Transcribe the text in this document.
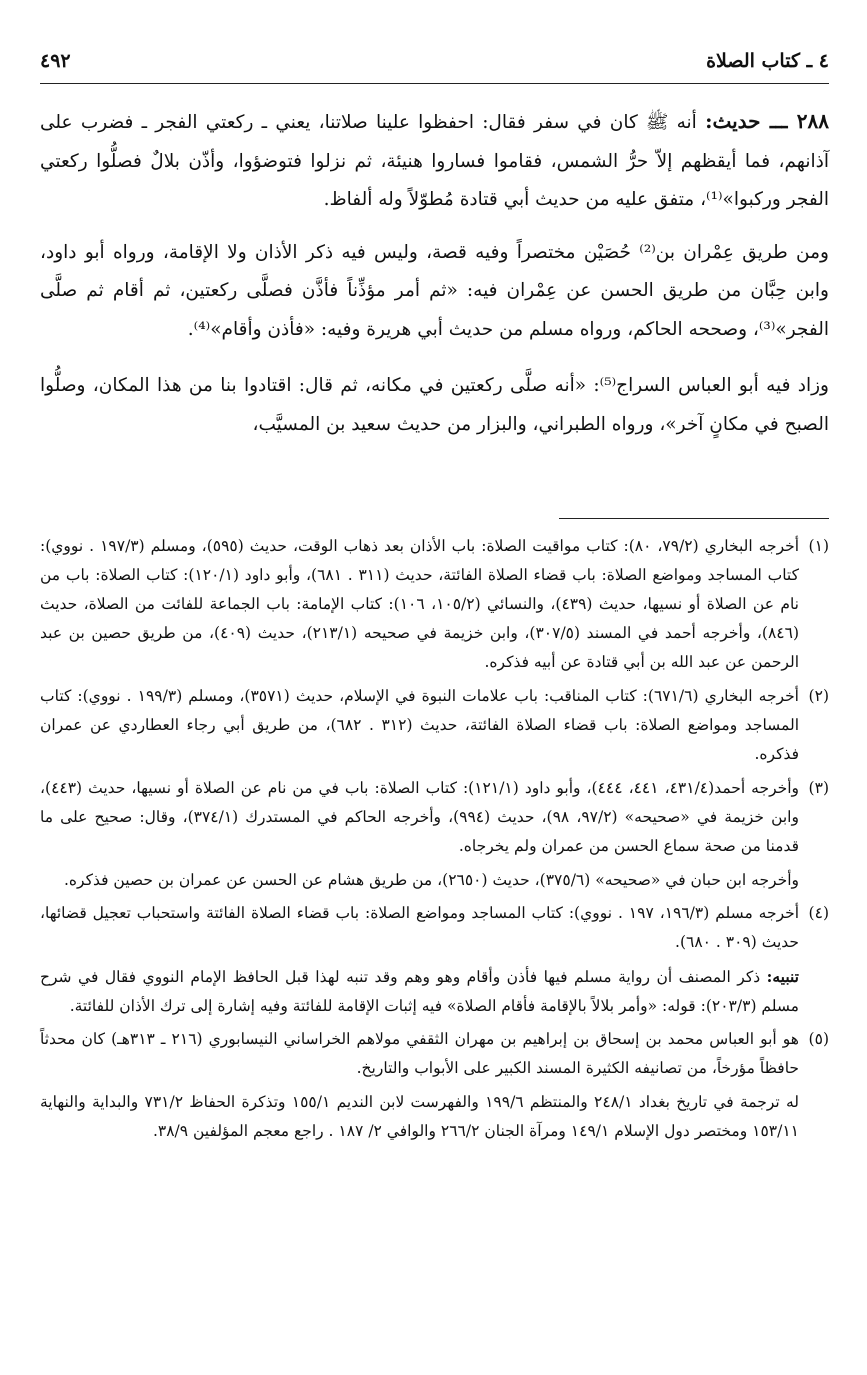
٤ ـ كتاب الصلاة
٤٩٢

٢٨٨ ـــ حديث: أنه ﷺ كان في سفر فقال: احفظوا علينا صلاتنا، يعني ـ ركعتي الفجر ـ فضرب على آذانهم، فما أيقظهم إلاّ حرُّ الشمس، فقاموا فساروا هنيئة، ثم نزلوا فتوضؤوا، وأذّن بلالٌ فصلُّوا ركعتي الفجر وركبوا»⁽¹⁾، متفق عليه من حديث أبي قتادة مُطوّلاً وله ألفاظ.

ومن طريق عِمْران بن⁽²⁾ حُصَيْن مختصراً وفيه قصة، وليس فيه ذكر الأذان ولا الإقامة، ورواه أبو داود، وابن حِبَّان من طريق الحسن عن عِمْران فيه: «ثم أمر مؤذِّناً فأذَّن فصلَّى ركعتين، ثم أقام ثم صلَّى الفجر»⁽³⁾، وصححه الحاكم، ورواه مسلم من حديث أبي هريرة وفيه: «فأذن وأقام»⁽⁴⁾.

وزاد فيه أبو العباس السراج⁽⁵⁾: «أنه صلَّى ركعتين في مكانه، ثم قال: اقتادوا بنا من هذا المكان، وصلُّوا الصبح في مكانٍ آخر»، ورواه الطبراني، والبزار من حديث سعيد بن المسيَّب،

(١)

أخرجه البخاري (٧٩/٢، ٨٠): كتاب مواقيت الصلاة: باب الأذان بعد ذهاب الوقت، حديث (٥٩٥)، ومسلم (١٩٧/٣ . نووي): كتاب المساجد ومواضع الصلاة: باب قضاء الصلاة الفائتة، حديث (٣١١ . ٦٨١)، وأبو داود (١٢٠/١): كتاب الصلاة: باب من نام عن الصلاة أو نسيها، حديث (٤٣٩)، والنسائي (١٠٥/٢، ١٠٦): كتاب الإمامة: باب الجماعة للفائت من الصلاة، حديث (٨٤٦)، وأخرجه أحمد في المسند (٣٠٧/٥)، وابن خزيمة في صحيحه (٢١٣/١)، حديث (٤٠٩)، من طريق حصين بن عبد الرحمن عن عبد الله بن أبي قتادة عن أبيه فذكره.

(٢)

أخرجه البخاري (٦٧١/٦): كتاب المناقب: باب علامات النبوة في الإسلام، حديث (٣٥٧١)، ومسلم (١٩٩/٣ . نووي): كتاب المساجد ومواضع الصلاة: باب قضاء الصلاة الفائتة، حديث (٣١٢ . ٦٨٢)، من طريق أبي رجاء العطاردي عن عمران فذكره.

(٣)

وأخرجه أحمد(٤٣١/٤، ٤٤١، ٤٤٤)، وأبو داود (١٢١/١): كتاب الصلاة: باب في من نام عن الصلاة أو نسيها، حديث (٤٤٣)، وابن خزيمة في «صحيحه» (٩٧/٢، ٩٨)، حديث (٩٩٤)، وأخرجه الحاكم في المستدرك (٣٧٤/١)، وقال: صحيح على ما قدمنا من صحة سماع الحسن من عمران ولم يخرجاه.

وأخرجه ابن حبان في «صحيحه» (٣٧٥/٦)، حديث (٢٦٥٠)، من طريق هشام عن الحسن عن عمران بن حصين فذكره.

(٤)

أخرجه مسلم (١٩٦/٣، ١٩٧ . نووي): كتاب المساجد ومواضع الصلاة: باب قضاء الصلاة الفائتة واستحباب تعجيل قضائها، حديث (٣٠٩ . ٦٨٠).

تنبيه: ذكر المصنف أن رواية مسلم فيها فأذن وأقام وهو وهم وقد تنبه لهذا قبل الحافظ الإمام النووي فقال في شرح مسلم (٢٠٣/٣): قوله: «وأمر بلالاً بالإقامة فأقام الصلاة» فيه إثبات الإقامة للفائتة وفيه إشارة إلى ترك الأذان للفائتة.

(٥)

هو أبو العباس محمد بن إسحاق بن إبراهيم بن مهران الثقفي مولاهم الخراساني النيسابوري (٢١٦ ـ ٣١٣هـ) كان محدثاً حافظاً مؤرخاً، من تصانيفه الكثيرة المسند الكبير على الأبواب والتاريخ.

له ترجمة في تاريخ بغداد ٢٤٨/١ والمنتظم ١٩٩/٦ والفهرست لابن النديم ١٥٥/١ وتذكرة الحفاظ ٧٣١/٢ والبداية والنهاية ١٥٣/١١ ومختصر دول الإسلام ١٤٩/١ ومرآة الجنان ٢٦٦/٢ والوافي ٢/ ١٨٧ . راجع معجم المؤلفين ٣٨/٩.
